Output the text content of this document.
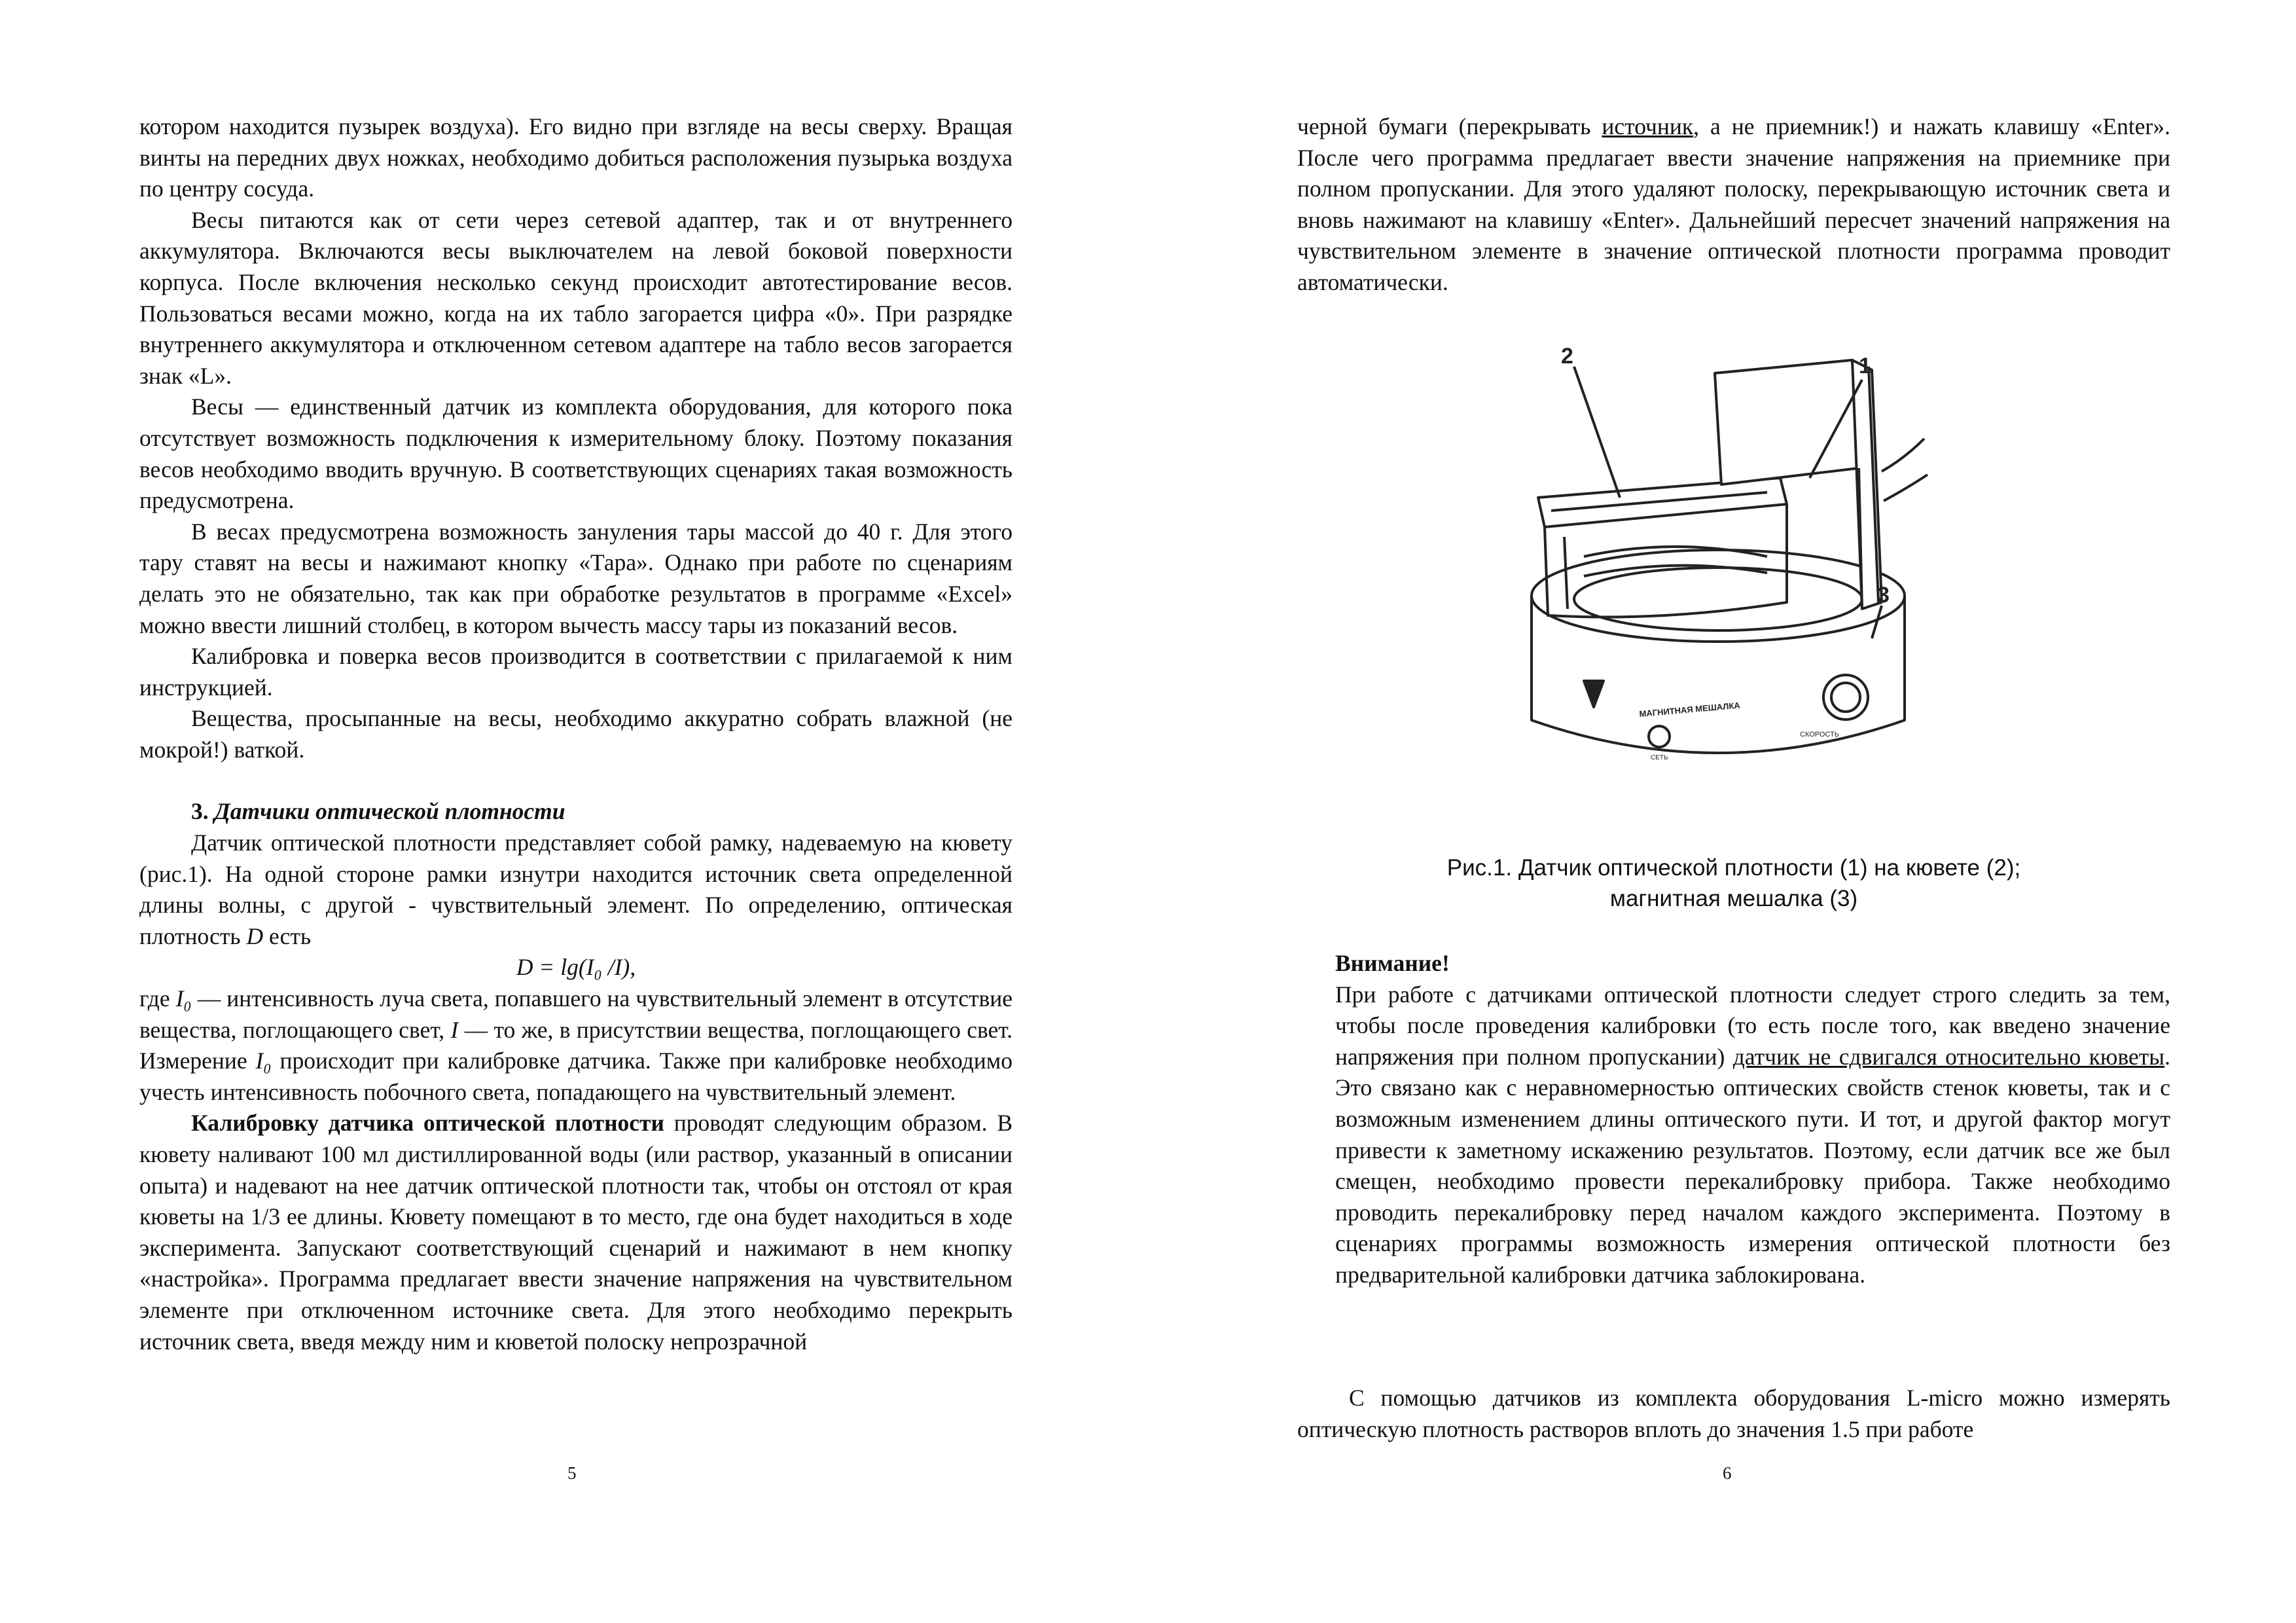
котором находится пузырек воздуха). Его видно при взгляде на весы сверху. Вращая винты на передних двух ножках, необходимо добиться расположения пузырька воздуха по центру сосуда.

Весы питаются как от сети через сетевой адаптер, так и от внутреннего аккумулятора. Включаются весы выключателем на левой боковой поверхности корпуса. После включения несколько секунд происходит автотестирование весов. Пользоваться весами можно, когда на их табло загорается цифра «0». При разрядке внутреннего аккумулятора и отключенном сетевом адаптере на табло весов загорается знак «L».

Весы — единственный датчик из комплекта оборудования, для которого пока отсутствует возможность подключения к измерительному блоку. Поэтому показания весов необходимо вводить вручную. В соответствующих сценариях такая возможность предусмотрена.

В весах предусмотрена возможность зануления тары массой до 40 г. Для этого тару ставят на весы и нажимают кнопку «Тара». Однако при работе по сценариям делать это не обязательно, так как при обработке результатов в программе «Excel» можно ввести лишний столбец, в котором вычесть массу тары из показаний весов.

Калибровка и поверка весов производится в соответствии с прилагаемой к ним инструкцией.

Вещества, просыпанные на весы, необходимо аккуратно собрать влажной (не мокрой!) ваткой.

3. Датчики оптической плотности

Датчик оптической плотности представляет собой рамку, надеваемую на кювету (рис.1). На одной стороне рамки изнутри находится источник света определенной длины волны, с другой - чувствительный элемент. По определению, оптическая плотность D есть

D = lg(I₀ /I),

где I₀ — интенсивность луча света, попавшего на чувствительный элемент в отсутствие вещества, поглощающего свет, I — то же, в присутствии вещества, поглощающего свет. Измерение I₀ происходит при калибровке датчика. Также при калибровке необходимо учесть интенсивность побочного света, попадающего на чувствительный элемент.

Калибровку датчика оптической плотности проводят следующим образом. В кювету наливают 100 мл дистиллированной воды (или раствор, указанный в описании опыта) и надевают на нее датчик оптической плотности так, чтобы он отстоял от края кюветы на 1/3 ее длины. Кювету помещают в то место, где она будет находиться в ходе эксперимента. Запускают соответствующий сценарий и нажимают в нем кнопку «настройка». Программа предлагает ввести значение напряжения на чувствительном элементе при отключенном источнике света. Для этого необходимо перекрыть источник света, введя между ним и кюветой полоску непрозрачной

5

черной бумаги (перекрывать источник, а не приемник!) и нажать клавишу «Enter». После чего программа предлагает ввести значение напряжения на приемнике при полном пропускании. Для этого удаляют полоску, перекрывающую источник света и вновь нажимают на клавишу «Enter». Дальнейший пересчет значений напряжения на чувствительном элементе в значение оптической плотности программа проводит автоматически.

2	1
3
МАГНИТНАЯ МЕШАЛКА
СКОРОСТЬ
СЕТЬ

Рис.1. Датчик оптической плотности (1) на кювете (2);

магнитная мешалка (3)

Внимание!

При работе с датчиками оптической плотности следует строго следить за тем, чтобы после проведения калибровки (то есть после того, как введено значение напряжения при полном пропускании) датчик не сдвигался относительно кюветы. Это связано как с неравномерностью оптических свойств стенок кюветы, так и с возможным изменением длины оптического пути. И тот, и другой фактор могут привести к заметному искажению результатов. Поэтому, если датчик все же был смещен, необходимо провести перекалибровку прибора. Также необходимо проводить перекалибровку перед началом каждого эксперимента. Поэтому в сценариях программы возможность измерения оптической плотности без предварительной калибровки датчика заблокирована.

С помощью датчиков из комплекта оборудования L-micro можно измерять оптическую плотность растворов вплоть до значения 1.5 при работе

6
